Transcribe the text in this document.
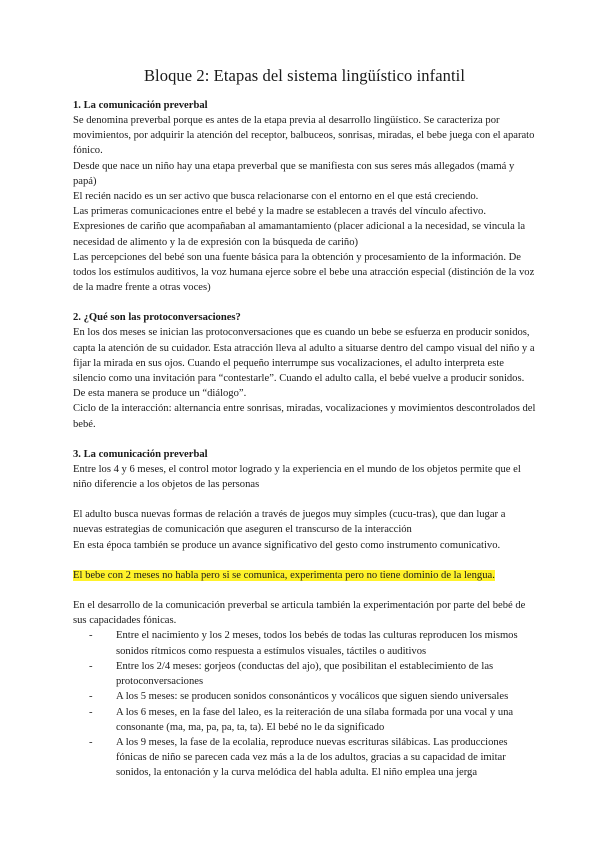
Bloque 2: Etapas del sistema lingüístico infantil

1. La comunicación preverbal

Se denomina preverbal porque es antes de la etapa previa al desarrollo lingüístico. Se caracteriza por movimientos, por adquirir la atención del receptor, balbuceos, sonrisas, miradas, el bebe juega con el aparato fónico.

Desde que nace un niño hay una etapa preverbal que se manifiesta con sus seres más allegados (mamá y papá)

El recién nacido es un ser activo que busca relacionarse con el entorno en el que está creciendo.

Las primeras comunicaciones entre el bebé y la madre se establecen a través del vínculo afectivo.

Expresiones de cariño que acompañaban al amamantamiento (placer adicional a la necesidad, se vincula la necesidad de alimento y la de expresión con la búsqueda de cariño)

Las percepciones del bebé son una fuente básica para la obtención y procesamiento de la información. De todos los estímulos auditivos, la voz humana ejerce sobre el bebe una atracción especial (distinción de la voz de la madre frente a otras voces)

2. ¿Qué son las protoconversaciones?

En los dos meses se inician las protoconversaciones que es cuando un bebe se esfuerza en producir sonidos, capta la atención de su cuidador. Esta atracción lleva al adulto a situarse dentro del campo visual del niño y a fijar la mirada en sus ojos. Cuando el pequeño interrumpe sus vocalizaciones, el adulto interpreta este silencio como una invitación para “contestarle”. Cuando el adulto calla, el bebé vuelve a producir sonidos. De esta manera se produce un “diálogo”.

Ciclo de la interacción: alternancia entre sonrisas, miradas, vocalizaciones y movimientos descontrolados del bebé.

3. La comunicación preverbal

Entre los 4 y 6 meses, el control motor logrado y la experiencia en el mundo de los objetos permite que el niño diferencie a los objetos de las personas

El adulto busca nuevas formas de relación a través de juegos muy simples (cucu-tras), que dan lugar a nuevas estrategias de comunicación que aseguren el transcurso de la interacción

En esta época también se produce un avance significativo del gesto como instrumento comunicativo.

El bebe con 2 meses no habla pero si se comunica, experimenta pero no tiene dominio de la lengua.

En el desarrollo de la comunicación preverbal se articula también la experimentación por parte del bebé de sus capacidades fónicas.

- Entre el nacimiento y los 2 meses, todos los bebés de todas las culturas reproducen los mismos sonidos rítmicos como respuesta a estímulos visuales, táctiles o auditivos
- Entre los 2/4 meses: gorjeos (conductas del ajo), que posibilitan el establecimiento de las protoconversaciones
- A los 5 meses: se producen sonidos consonánticos y vocálicos que siguen siendo universales
- A los 6 meses, en la fase del laleo, es la reiteración de una sílaba formada por una vocal y una consonante (ma, ma, pa, pa, ta, ta). El bebé no le da significado
- A los 9 meses, la fase de la ecolalia, reproduce nuevas escrituras silábicas. Las producciones fónicas de niño se parecen cada vez más a la de los adultos, gracias a su capacidad de imitar sonidos, la entonación y la curva melódica del habla adulta. El niño emplea una jerga
